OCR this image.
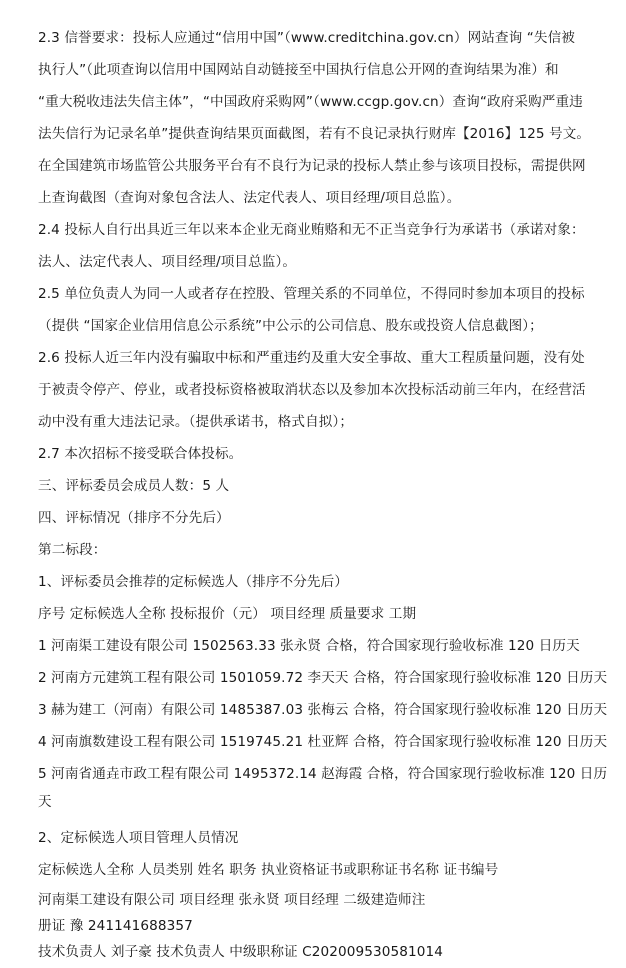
2.3 信誉要求：投标人应通过“信用中国”（www.creditchina.gov.cn）网站查询 “失信被
执行人”（此项查询以信用中国网站自动链接至中国执行信息公开网的查询结果为准）和
“重大税收违法失信主体”，“中国政府采购网”（www.ccgp.gov.cn）查询“政府采购严重违
法失信行为记录名单”提供查询结果页面截图，若有不良记录执行财库【2016】125 号文。
在全国建筑市场监管公共服务平台有不良行为记录的投标人禁止参与该项目投标，需提供网
上查询截图（查询对象包含法人、法定代表人、项目经理/项目总监）。
2.4 投标人自行出具近三年以来本企业无商业贿赂和无不正当竞争行为承诺书（承诺对象：
法人、法定代表人、项目经理/项目总监）。
2.5 单位负责人为同一人或者存在控股、管理关系的不同单位，不得同时参加本项目的投标
（提供 “国家企业信用信息公示系统”中公示的公司信息、股东或投资人信息截图）；
2.6 投标人近三年内没有骗取中标和严重违约及重大安全事故、重大工程质量问题，没有处
于被责令停产、停业，或者投标资格被取消状态以及参加本次投标活动前三年内，在经营活
动中没有重大违法记录。（提供承诺书，格式自拟）；
2.7 本次招标不接受联合体投标。
三、评标委员会成员人数：5 人
四、评标情况（排序不分先后）
第二标段：
1、评标委员会推荐的定标候选人（排序不分先后）
序号 定标候选人全称 投标报价（元） 项目经理 质量要求 工期
1 河南渠工建设有限公司 1502563.33 张永贤 合格，符合国家现行验收标准 120 日历天
2 河南方元建筑工程有限公司 1501059.72 李天天 合格，符合国家现行验收标准 120 日历天
3 赫为建工（河南）有限公司 1485387.03 张梅云 合格，符合国家现行验收标准 120 日历天
4 河南旗数建设工程有限公司 1519745.21 杜亚辉 合格，符合国家现行验收标准 120 日历天
5 河南省通垚市政工程有限公司 1495372.14 赵海霞 合格，符合国家现行验收标准 120 日历
天
2、定标候选人项目管理人员情况
定标候选人全称 人员类别 姓名 职务 执业资格证书或职称证书名称 证书编号
河南渠工建设有限公司 项目经理 张永贤 项目经理 二级建造师注
册证 豫 241141688357
技术负责人 刘子豪 技术负责人 中级职称证 C202009530581014
